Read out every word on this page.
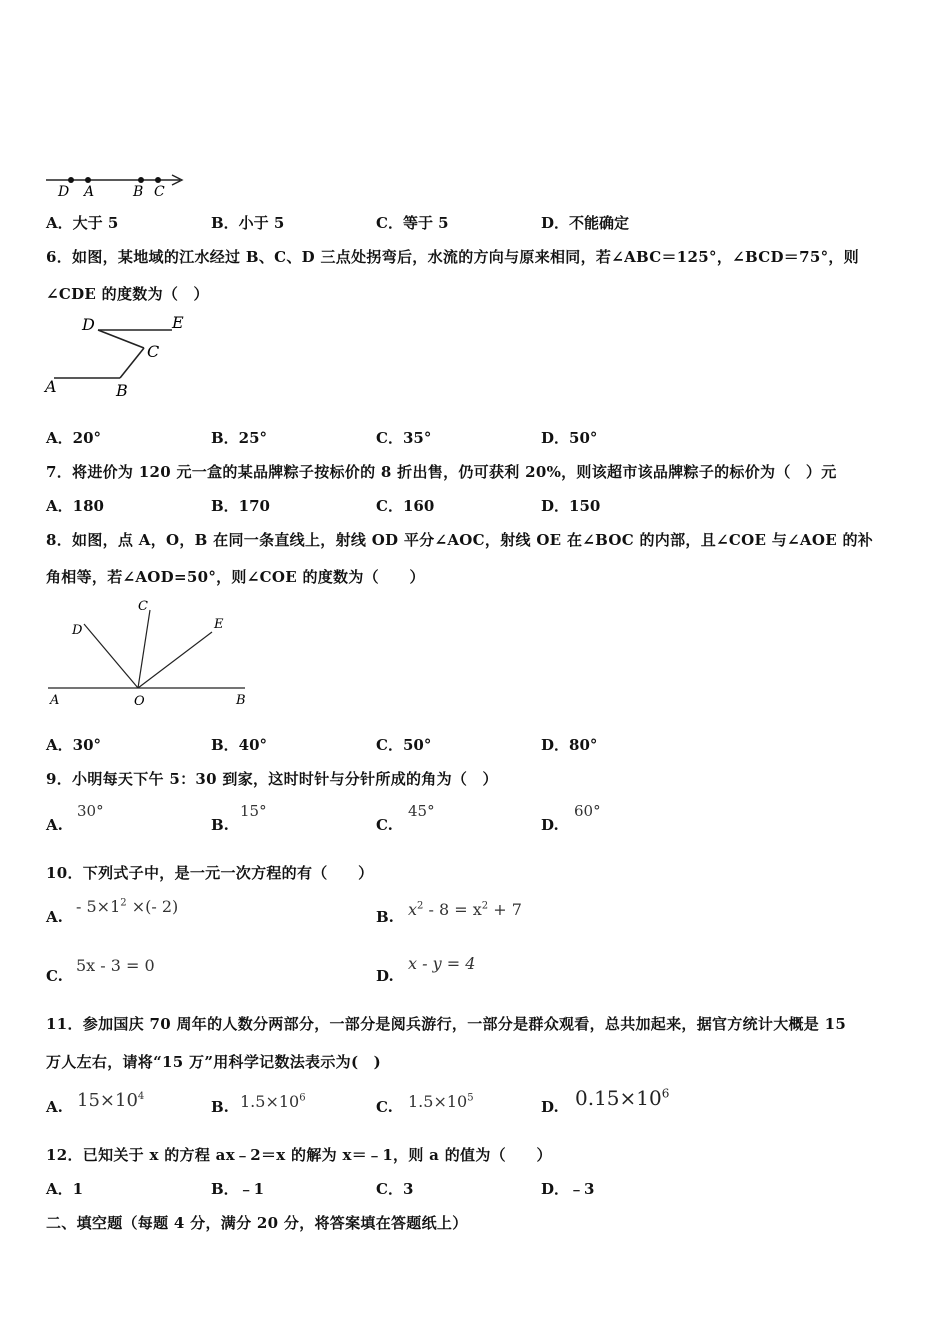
D A	B C
A．大于 5	B．小于 5	C．等于 5	D．不能确定
6．如图，某地域的江水经过 B、C、D 三点处拐弯后，水流的方向与原来相同，若∠ABC＝125°，∠BCD＝75°，则
∠CDE 的度数为（　）
D	E
C
A	B
A．20°	B．25°	C．35°	D．50°
7．将进价为 120 元一盒的某品牌粽子按标价的 8 折出售，仍可获利 20%，则该超市该品牌粽子的标价为（　）元
A．180	B．170	C．160	D．150
8．如图，点 A，O，B 在同一条直线上，射线 OD 平分∠AOC，射线 OE 在∠BOC 的内部，且∠COE 与∠AOE 的补
角相等，若∠AOD=50°，则∠COE 的度数为（　　）
C
D	E
A	O	B
A．30°	B．40°	C．50°	D．80°
9．小明每天下午 5：30 到家，这时时针与分针所成的角为（　）
A.
30°
B.
15°
C.
45°
D.
60°
10．下列式子中，是一元一次方程的有（　　）
A.
- $5\times 1^2$ ×(- 2)
B. $x^2 - 8 = x^2 + 7$
C.
5x - 3 = 0
D.
x - y = 4
11．参加国庆 70 周年的人数分两部分，一部分是阅兵游行，一部分是群众观看，总共加起来，据官方统计大概是 15
万人左右，请将“15 万”用科学记数法表示为(　)
A. $15\times 10^4$
B. $1.5\times 10^6$	C. $1.5\times 10^5$	D. $0.15\times 10^6$
12．已知关于 x 的方程 ax﹣2＝x 的解为 x＝﹣1，则 a 的值为（　　）
A．1	B．﹣1	C．3	D．﹣3
二、填空题（每题 4 分，满分 20 分，将答案填在答题纸上）
